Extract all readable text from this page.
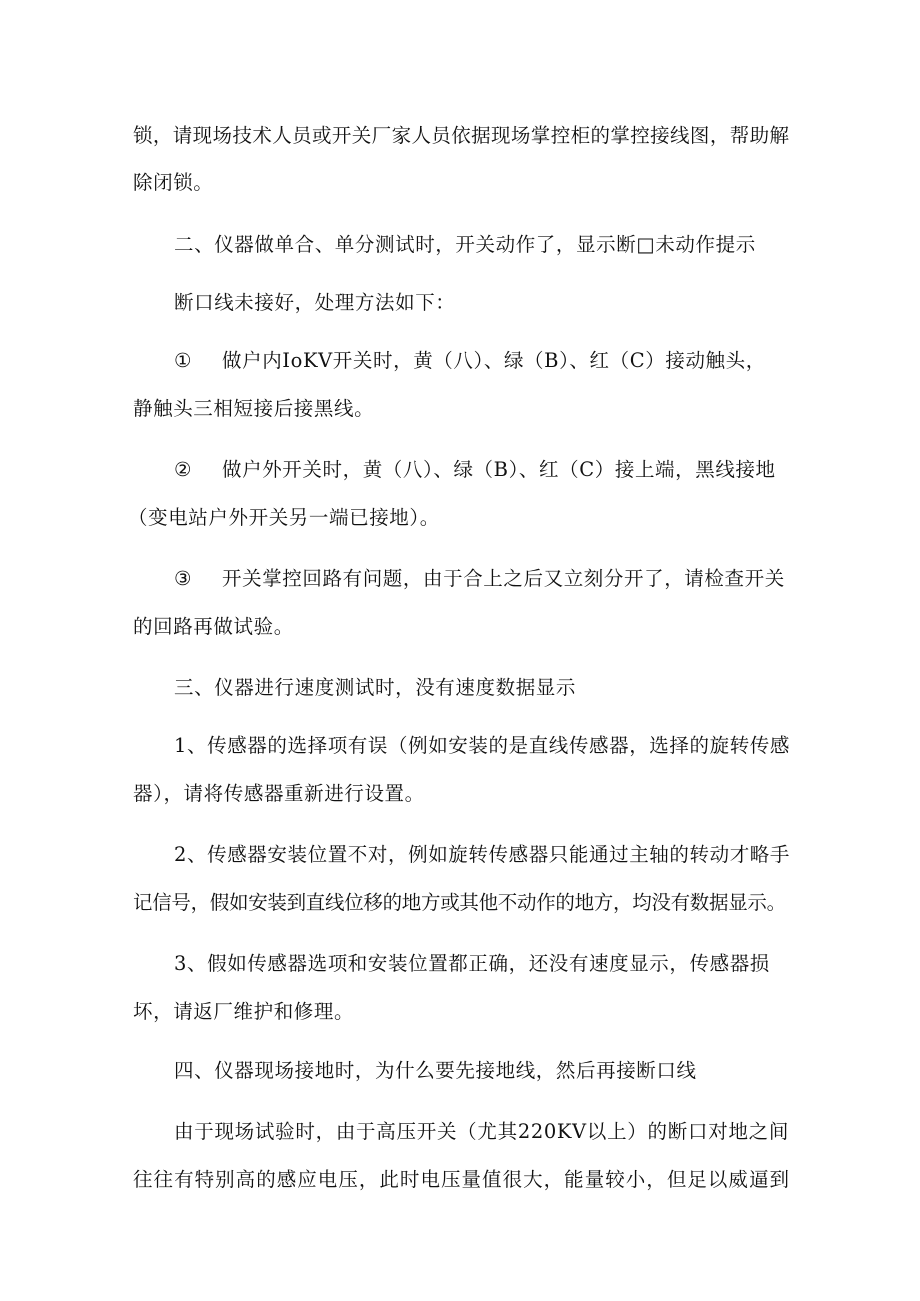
锁，请现场技术人员或开关厂家人员依据现场掌控柜的掌控接线图，帮助解
除闭锁。
二、仪器做单合、单分测试时，开关动作了，显示断□未动作提示
断口线未接好，处理方法如下：
① 做户内IoKV开关时，黄（八）、绿（B）、红（C）接动触头，
静触头三相短接后接黑线。
② 做户外开关时，黄（八）、绿（B）、红（C）接上端，黑线接地
（变电站户外开关另一端已接地）。
③ 开关掌控回路有问题，由于合上之后又立刻分开了，请检查开关
的回路再做试验。
三、仪器进行速度测试时，没有速度数据显示
1、传感器的选择项有误（例如安装的是直线传感器，选择的旋转传感
器），请将传感器重新进行设置。
2、传感器安装位置不对，例如旋转传感器只能通过主轴的转动才略手
记信号，假如安装到直线位移的地方或其他不动作的地方，均没有数据显示。
3、假如传感器选项和安装位置都正确，还没有速度显示，传感器损
坏，请返厂维护和修理。
四、仪器现场接地时，为什么要先接地线，然后再接断口线
由于现场试验时，由于高压开关（尤其220KV以上）的断口对地之间
往往有特别高的感应电压，此时电压量值很大，能量较小，但足以威逼到
